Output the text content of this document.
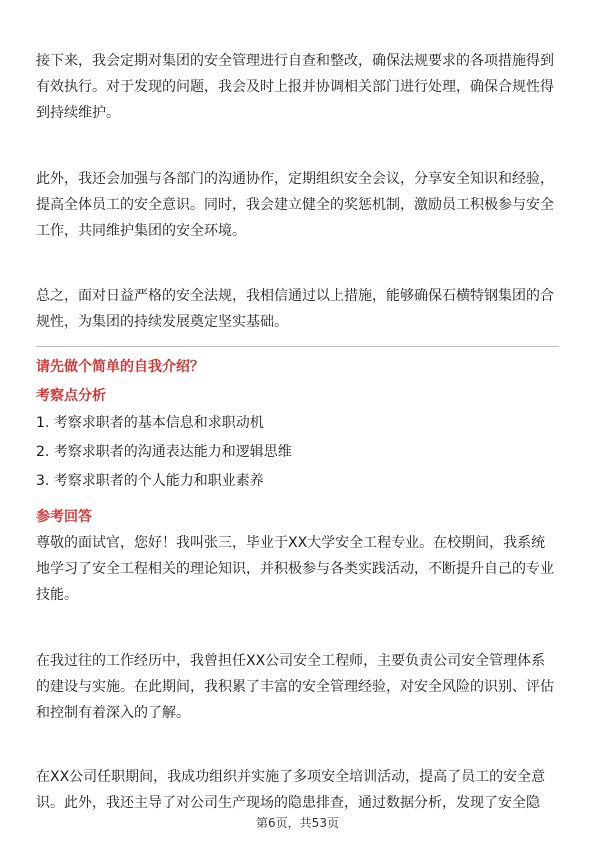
接下来，我会定期对集团的安全管理进行自查和整改，确保法规要求的各项措施得到有效执行。对于发现的问题，我会及时上报并协调相关部门进行处理，确保合规性得到持续维护。

此外，我还会加强与各部门的沟通协作，定期组织安全会议，分享安全知识和经验，提高全体员工的安全意识。同时，我会建立健全的奖惩机制，激励员工积极参与安全工作，共同维护集团的安全环境。

总之，面对日益严格的安全法规，我相信通过以上措施，能够确保石横特钢集团的合规性，为集团的持续发展奠定坚实基础。

请先做个简单的自我介绍？

考察点分析

1. 考察求职者的基本信息和求职动机

2. 考察求职者的沟通表达能力和逻辑思维

3. 考察求职者的个人能力和职业素养

参考回答

尊敬的面试官，您好！我叫张三，毕业于XX大学安全工程专业。在校期间，我系统地学习了安全工程相关的理论知识，并积极参与各类实践活动，不断提升自己的专业技能。

在我过往的工作经历中，我曾担任XX公司安全工程师，主要负责公司安全管理体系的建设与实施。在此期间，我积累了丰富的安全管理经验，对安全风险的识别、评估和控制有着深入的了解。

在XX公司任职期间，我成功组织并实施了多项安全培训活动，提高了员工的安全意识。此外，我还主导了对公司生产现场的隐患排查，通过数据分析，发现了安全隐

第6页，共53页
